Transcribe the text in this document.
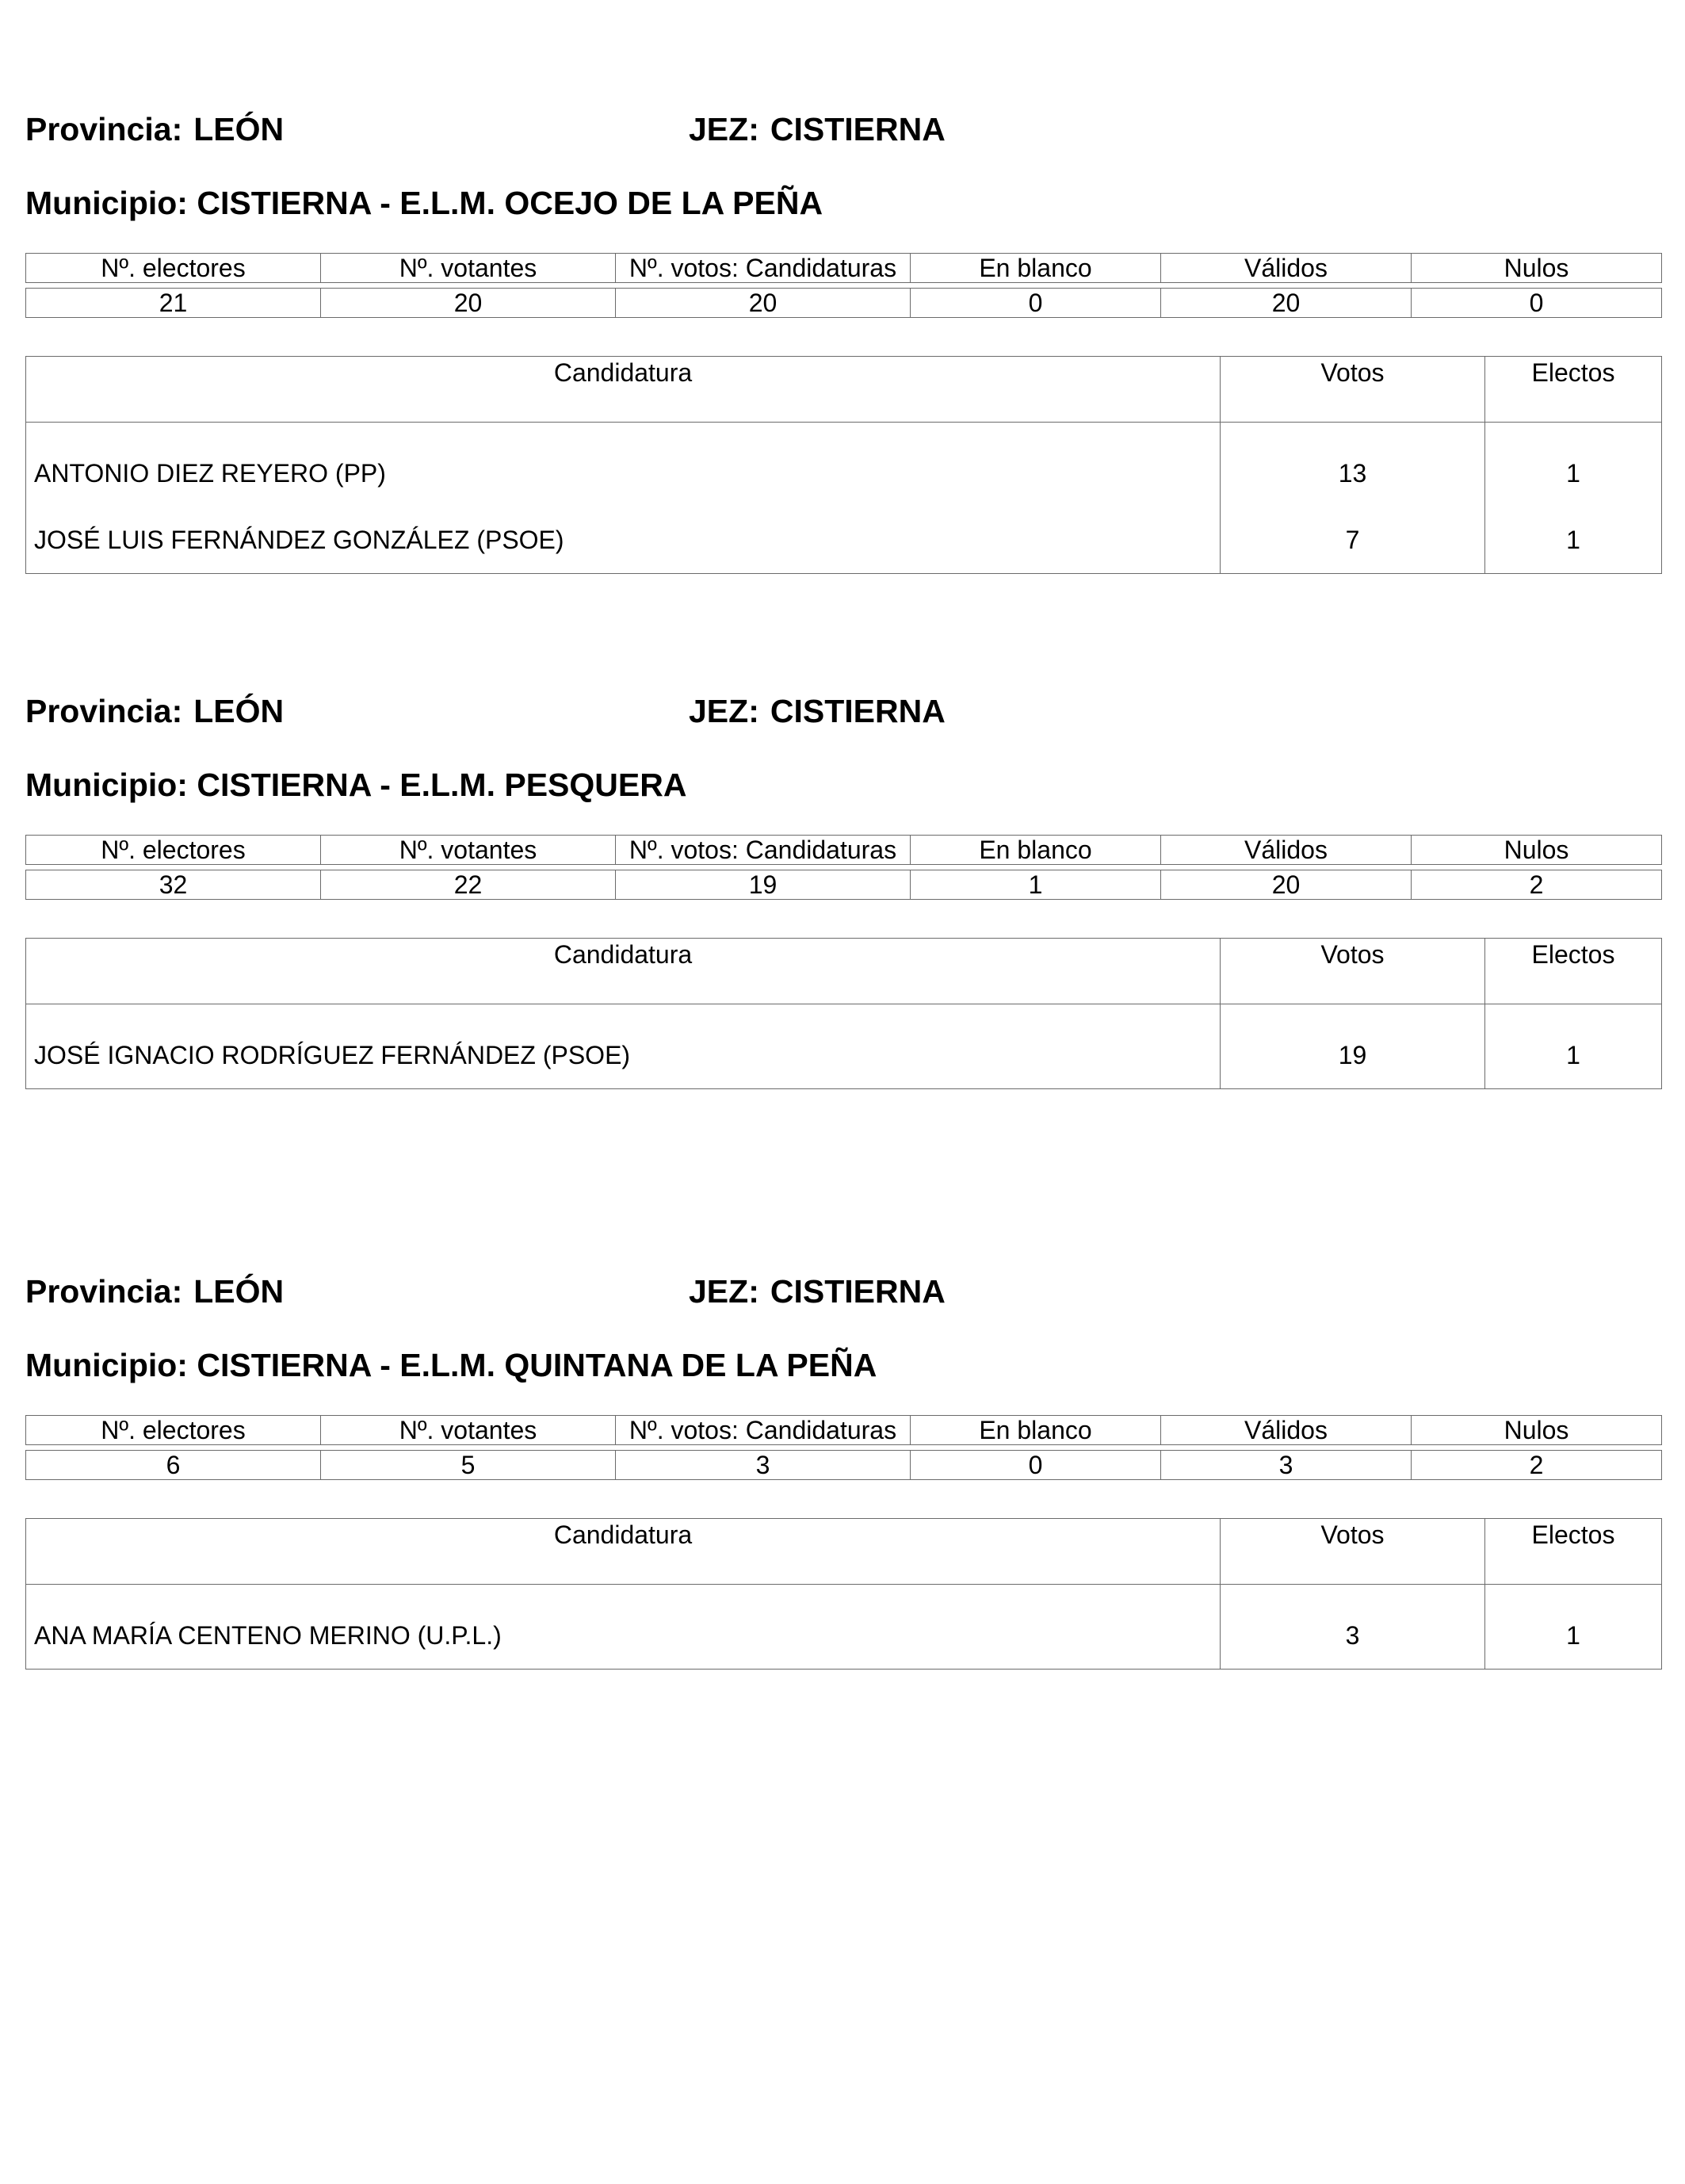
Provincia: LEÓN	JEZ: CISTIERNA
Municipio: CISTIERNA - E.L.M. OCEJO DE LA PEÑA
Nº. electores	Nº. votantes	Nº. votos: Candidaturas	En blanco	Válidos	Nulos

21	20	20	0	20	0
Candidatura	Votos	Electos
ANTONIO DIEZ REYERO (PP)	13	1
JOSÉ LUIS FERNÁNDEZ GONZÁLEZ (PSOE)	7	1
Provincia: LEÓN	JEZ: CISTIERNA
Municipio: CISTIERNA - E.L.M. PESQUERA
Nº. electores	Nº. votantes	Nº. votos: Candidaturas	En blanco	Válidos	Nulos

32	22	19	1	20	2
Candidatura	Votos	Electos
JOSÉ IGNACIO RODRÍGUEZ FERNÁNDEZ (PSOE)	19	1
Provincia: LEÓN	JEZ: CISTIERNA
Municipio: CISTIERNA - E.L.M. QUINTANA DE LA PEÑA
Nº. electores	Nº. votantes	Nº. votos: Candidaturas	En blanco	Válidos	Nulos

6	5	3	0	3	2
Candidatura	Votos	Electos
ANA MARÍA CENTENO MERINO (U.P.L.)	3	1
